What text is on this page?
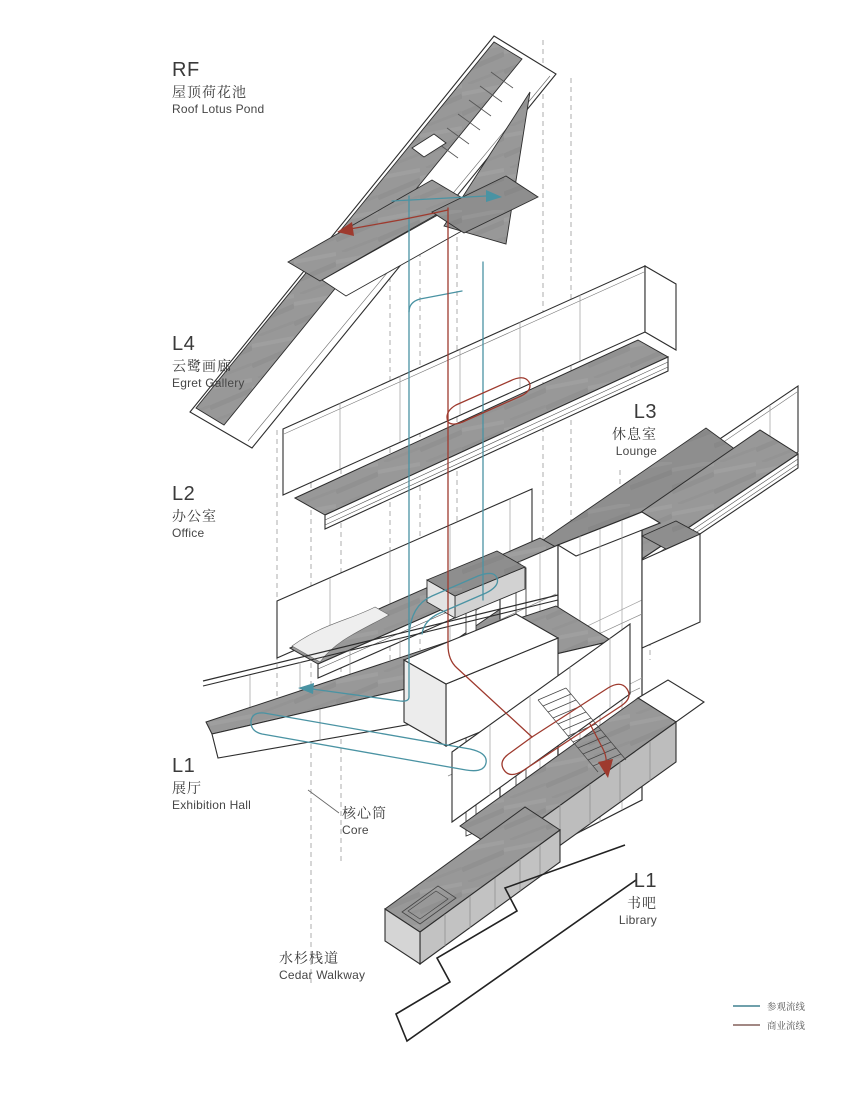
RF
屋顶荷花池
Roof Lotus Pond
L4
云鹭画廊
Egret Gallery
L3
休息室
Lounge
L2
办公室
Office
L1
展厅
Exhibition Hall	核心筒
Core
L1
书吧
Library
水杉栈道
Cedar Walkway
参观流线
商业流线
